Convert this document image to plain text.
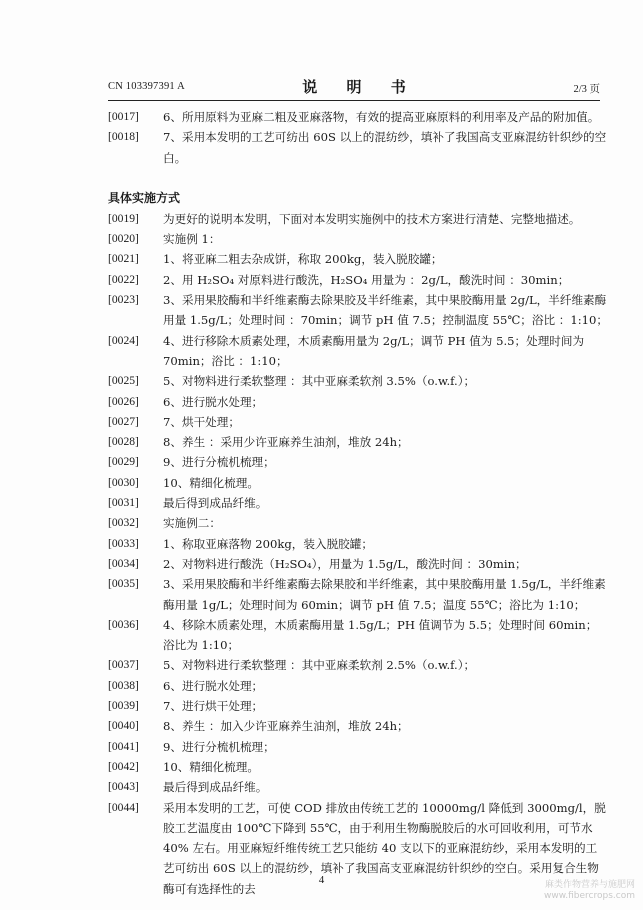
CN 103397391 A	说 明 书	2/3 页
[0017] 6、所用原料为亚麻二粗及亚麻落物，有效的提高亚麻原料的利用率及产品的附加值。
[0018] 7、采用本发明的工艺可纺出 60S 以上的混纺纱，填补了我国高支亚麻混纺针织纱的空白。
具体实施方式
[0019] 为更好的说明本发明，下面对本发明实施例中的技术方案进行清楚、完整地描述。
[0020] 实施例 1：
[0021] 1、将亚麻二粗去杂成饼，称取 200kg，装入脱胶罐；
[0022] 2、用 H₂SO₄ 对原料进行酸洗，H₂SO₄ 用量为 ：2g/L，酸洗时间 ：30min；
[0023] 3、采用果胶酶和半纤维素酶去除果胶及半纤维素，其中果胶酶用量 2g/L，半纤维素酶用量 1.5g/L；处理时间 ：70min；调节 pH 值 7.5；控制温度 55℃；浴比 ：1:10；
[0024] 4、进行移除木质素处理，木质素酶用量为 2g/L；调节 PH 值为 5.5；处理时间为 70min；浴比 ：1:10；
[0025] 5、对物料进行柔软整理 ：其中亚麻柔软剂 3.5%（o.w.f.）；
[0026] 6、进行脱水处理；
[0027] 7、烘干处理；
[0028] 8、养生 ：采用少许亚麻养生油剂，堆放 24h；
[0029] 9、进行分梳机梳理；
[0030] 10、精细化梳理。
[0031] 最后得到成品纤维。
[0032] 实施例二：
[0033] 1、称取亚麻落物 200kg，装入脱胶罐；
[0034] 2、对物料进行酸洗（H₂SO₄），用量为 1.5g/L，酸洗时间 ：30min；
[0035] 3、采用果胶酶和半纤维素酶去除果胶和半纤维素，其中果胶酶用量 1.5g/L，半纤维素酶用量 1g/L；处理时间为 60min；调节 pH 值 7.5；温度 55℃；浴比为 1:10；
[0036] 4、移除木质素处理，木质素酶用量 1.5g/L；PH 值调节为 5.5；处理时间 60min；浴比为 1:10；
[0037] 5、对物料进行柔软整理 ：其中亚麻柔软剂 2.5%（o.w.f.）；
[0038] 6、进行脱水处理；
[0039] 7、进行烘干处理；
[0040] 8、养生 ：加入少许亚麻养生油剂，堆放 24h；
[0041] 9、进行分梳机梳理；
[0042] 10、精细化梳理。
[0043] 最后得到成品纤维。
[0044] 采用本发明的工艺，可使 COD 排放由传统工艺的 10000mg/l 降低到 3000mg/l，脱胶工艺温度由 100℃下降到 55℃，由于利用生物酶脱胶后的水可回收利用，可节水 40% 左右。用亚麻短纤维传统工艺只能纺 40 支以下的亚麻混纺纱，采用本发明的工艺可纺出 60S 以上的混纺纱，填补了我国高支亚麻混纺针织纱的空白。采用复合生物酶可有选择性的去
4	麻类作物营养与施肥网
www.fibercrops.com
